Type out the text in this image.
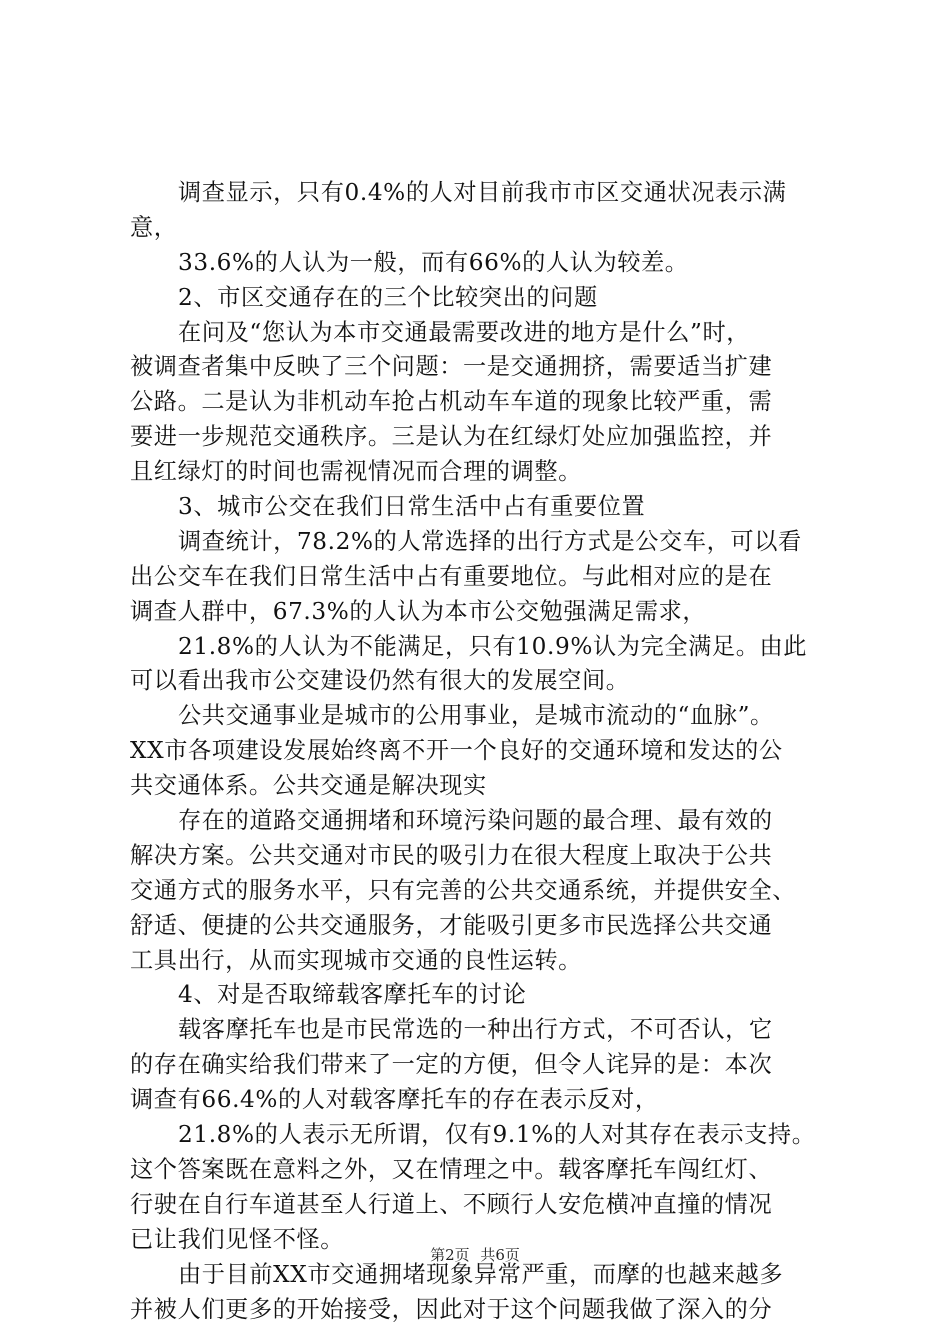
调查显示，只有0.4%的人对目前我市市区交通状况表示满
意，
33.6%的人认为一般，而有66%的人认为较差。
2、市区交通存在的三个比较突出的问题
在问及“您认为本市交通最需要改进的地方是什么”时，
被调查者集中反映了三个问题：一是交通拥挤，需要适当扩建
公路。二是认为非机动车抢占机动车车道的现象比较严重，需
要进一步规范交通秩序。三是认为在红绿灯处应加强监控，并
且红绿灯的时间也需视情况而合理的调整。
3、城市公交在我们日常生活中占有重要位置
调查统计，78.2%的人常选择的出行方式是公交车，可以看
出公交车在我们日常生活中占有重要地位。与此相对应的是在
调查人群中，67.3%的人认为本市公交勉强满足需求，
21.8%的人认为不能满足，只有10.9%认为完全满足。由此
可以看出我市公交建设仍然有很大的发展空间。
公共交通事业是城市的公用事业，是城市流动的“血脉”。
XX市各项建设发展始终离不开一个良好的交通环境和发达的公
共交通体系。公共交通是解决现实
存在的道路交通拥堵和环境污染问题的最合理、最有效的
解决方案。公共交通对市民的吸引力在很大程度上取决于公共
交通方式的服务水平，只有完善的公共交通系统，并提供安全、
舒适、便捷的公共交通服务，才能吸引更多市民选择公共交通
工具出行，从而实现城市交通的良性运转。
4、对是否取缔载客摩托车的讨论
载客摩托车也是市民常选的一种出行方式，不可否认，它
的存在确实给我们带来了一定的方便，但令人诧异的是：本次
调查有66.4%的人对载客摩托车的存在表示反对，
21.8%的人表示无所谓，仅有9.1%的人对其存在表示支持。
这个答案既在意料之外，又在情理之中。载客摩托车闯红灯、
行驶在自行车道甚至人行道上、不顾行人安危横冲直撞的情况
已让我们见怪不怪。
由于目前XX市交通拥堵现象异常严重，而摩的也越来越多
并被人们更多的开始接受，因此对于这个问题我做了深入的分
第2页 共6页
